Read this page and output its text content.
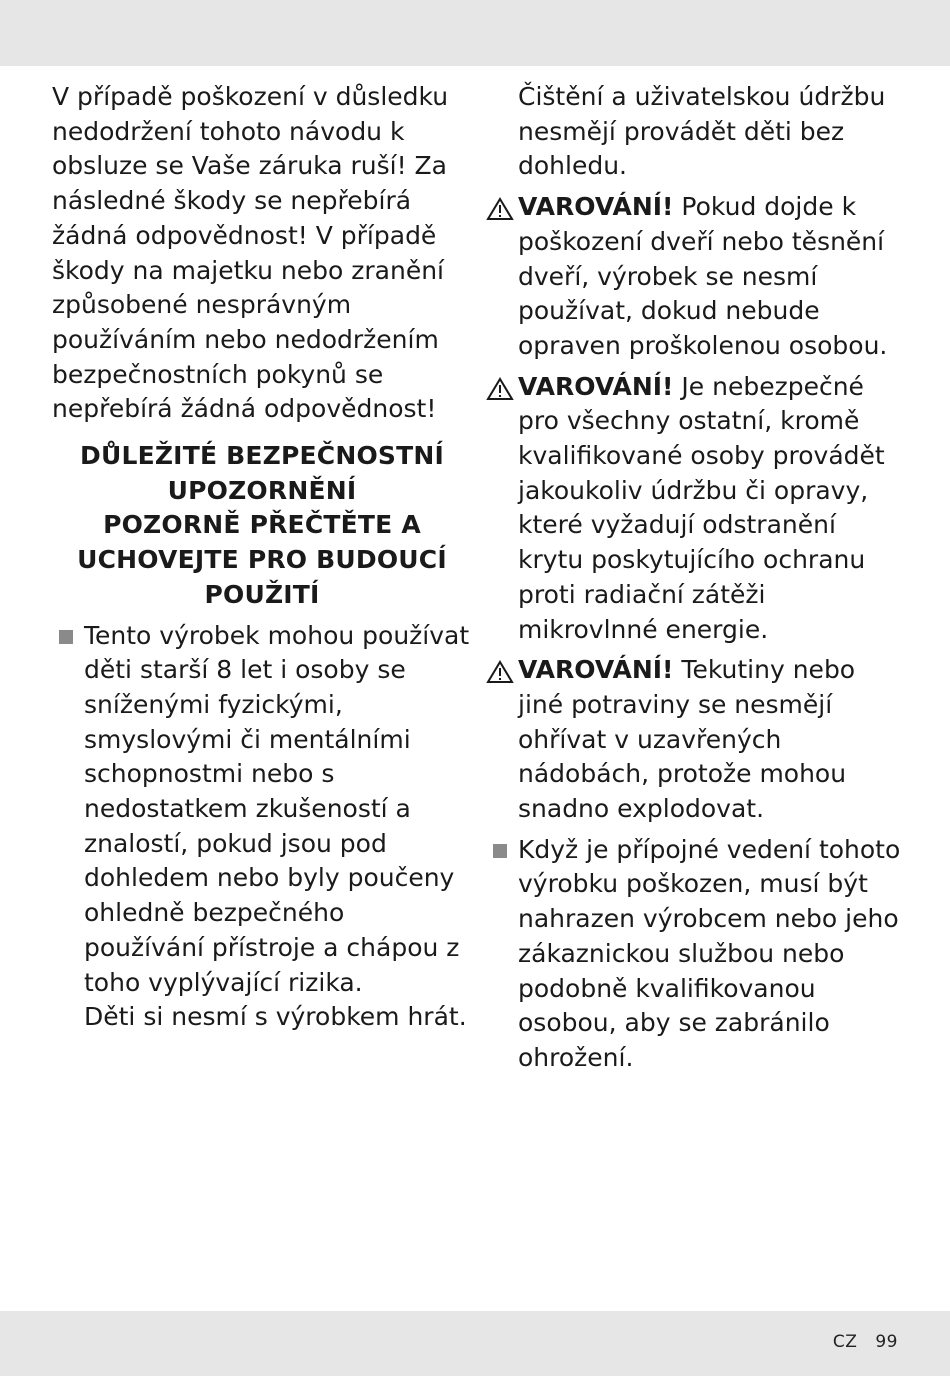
V případě poškození v důsledku nedodržení tohoto návodu k obsluze se Vaše záruka ruší! Za následné škody se nepřebírá žádná odpovědnost! V případě škody na majetku nebo zranění způsobené nesprávným používáním nebo nedodržením bezpečnostních pokynů se nepřebírá žádná odpovědnost!

DŮLEŽITÉ BEZPEČNOSTNÍ UPOZORNĚNÍ
POZORNĚ PŘEČTĚTE A UCHOVEJTE PRO BUDOUCÍ POUŽITÍ

Tento výrobek mohou používat děti starší 8 let i osoby se sníženými fyzickými, smyslovými či mentálními schopnostmi nebo s nedostatkem zkušeností a znalostí, pokud jsou pod dohledem nebo byly poučeny ohledně bezpečného používání přístroje a chápou z toho vyplývající rizika.

Děti si nesmí s výrobkem hrát.

Čištění a uživatelskou údržbu nesmějí provádět děti bez dohledu.

VAROVÁNÍ! Pokud dojde k poškození dveří nebo těsnění dveří, výrobek se nesmí používat, dokud nebude opraven proškolenou osobou.
VAROVÁNÍ! Je nebezpečné pro všechny ostatní, kromě kvalifikované osoby provádět jakoukoliv údržbu či opravy, které vyžadují odstranění krytu poskytujícího ochranu proti radiační zátěži mikrovlnné energie.
VAROVÁNÍ! Tekutiny nebo jiné potraviny se nesmějí ohřívat v uzavřených nádobách, protože mohou snadno explodovat.

Když je přípojné vedení tohoto výrobku poškozen, musí být nahrazen výrobcem nebo jeho zákaznickou službou nebo podobně kvalifikovanou osobou, aby se zabránilo ohrožení.

CZ 99
